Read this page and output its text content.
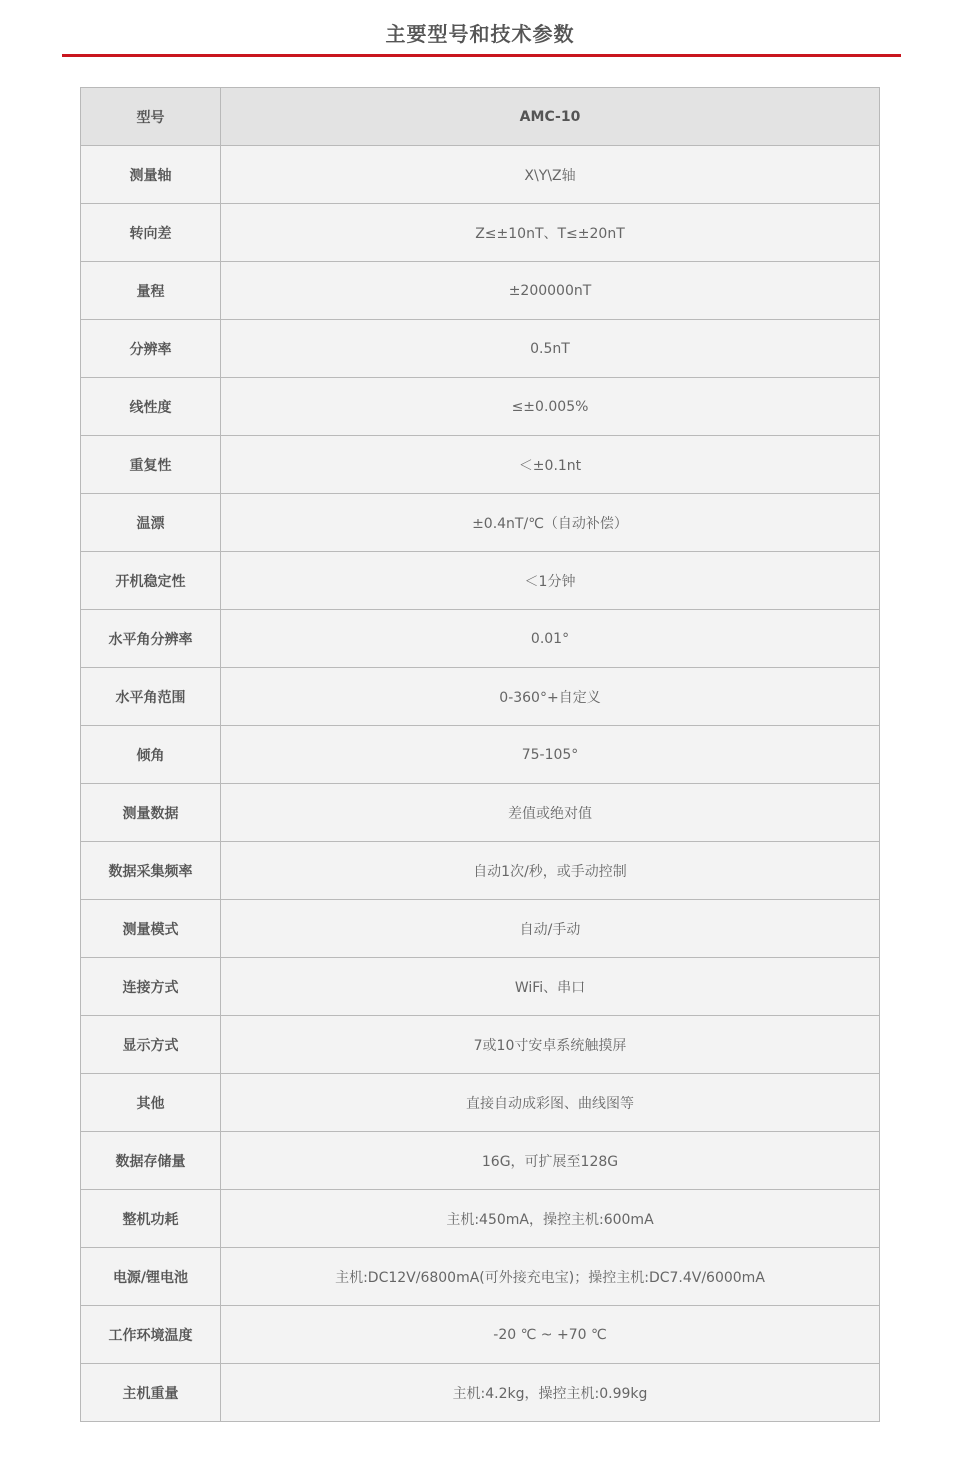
主要型号和技术参数
型号	AMC-10
测量轴	X\Y\Z轴
转向差	Z≤±10nT、T≤±20nT
量程	±200000nT
分辨率	0.5nT
线性度	≤±0.005%
重复性	＜±0.1nt
温漂	±0.4nT/℃（自动补偿）
开机稳定性	＜1分钟
水平角分辨率	0.01°
水平角范围	0-360°+自定义
倾角	75-105°
测量数据	差值或绝对值
数据采集频率	自动1次/秒，或手动控制
测量模式	自动/手动
连接方式	WiFi、串口
显示方式	7或10寸安卓系统触摸屏
其他	直接自动成彩图、曲线图等
数据存储量	16G，可扩展至128G
整机功耗	主机:450mA，操控主机:600mA
电源/锂电池	主机:DC12V/6800mA(可外接充电宝)；操控主机:DC7.4V/6000mA
工作环境温度	-20 ℃ ~ +70 ℃
主机重量	主机:4.2kg，操控主机:0.99kg
